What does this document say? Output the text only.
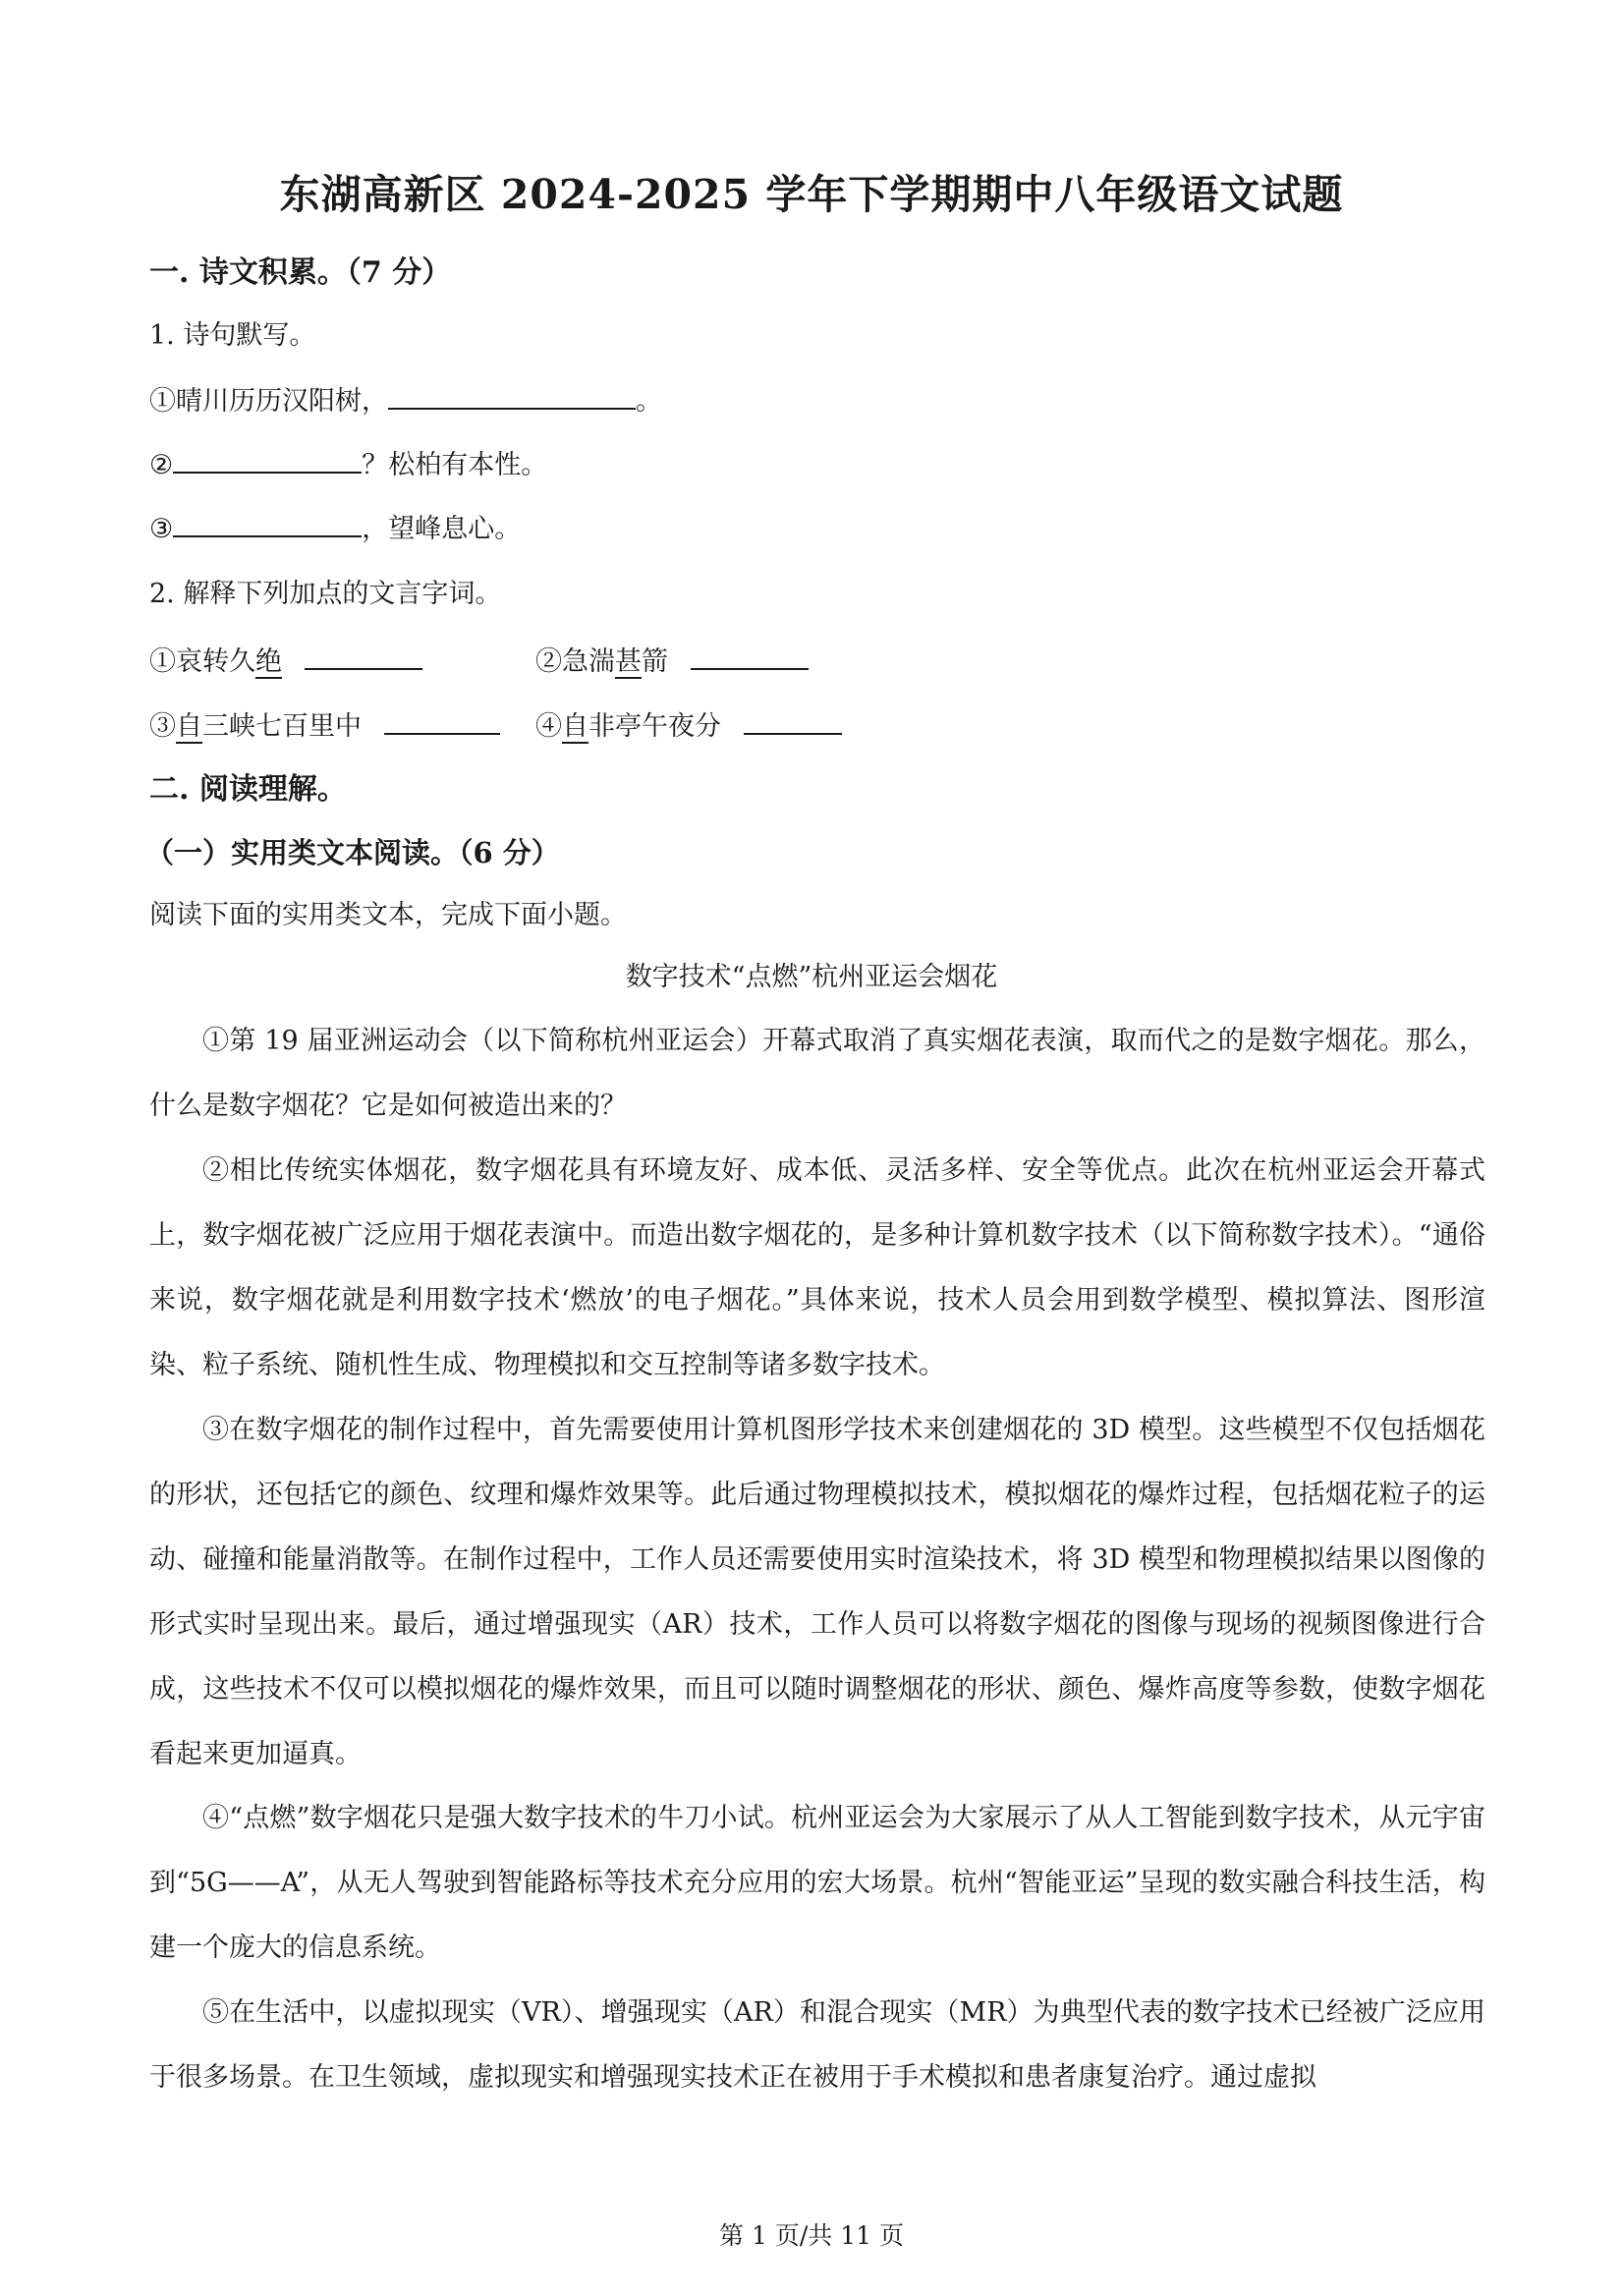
东湖高新区 2024-2025 学年下学期期中八年级语文试题
一. 诗文积累。（7 分）
1. 诗句默写。
①晴川历历汉阳树，	。
②	？松柏有本性。
③	，望峰息心。
2. 解释下列加点的文言字词。
①哀转久绝	②急湍甚箭
③自三峡七百里中	④自非亭午夜分
二. 阅读理解。
（一）实用类文本阅读。（6 分）
阅读下面的实用类文本，完成下面小题。
数字技术“点燃”杭州亚运会烟花
①第 19 届亚洲运动会（以下简称杭州亚运会）开幕式取消了真实烟花表演，取而代之的是数字烟花。那么，什么是数字烟花？它是如何被造出来的？
②相比传统实体烟花，数字烟花具有环境友好、成本低、灵活多样、安全等优点。此次在杭州亚运会开幕式上，数字烟花被广泛应用于烟花表演中。而造出数字烟花的，是多种计算机数字技术（以下简称数字技术）。“通俗来说，数字烟花就是利用数字技术‘燃放’的电子烟花。”具体来说，技术人员会用到数学模型、模拟算法、图形渲染、粒子系统、随机性生成、物理模拟和交互控制等诸多数字技术。
③在数字烟花的制作过程中，首先需要使用计算机图形学技术来创建烟花的 3D 模型。这些模型不仅包括烟花的形状，还包括它的颜色、纹理和爆炸效果等。此后通过物理模拟技术，模拟烟花的爆炸过程，包括烟花粒子的运动、碰撞和能量消散等。在制作过程中，工作人员还需要使用实时渲染技术，将 3D 模型和物理模拟结果以图像的形式实时呈现出来。最后，通过增强现实（AR）技术，工作人员可以将数字烟花的图像与现场的视频图像进行合成，这些技术不仅可以模拟烟花的爆炸效果，而且可以随时调整烟花的形状、颜色、爆炸高度等参数，使数字烟花看起来更加逼真。
④“点燃”数字烟花只是强大数字技术的牛刀小试。杭州亚运会为大家展示了从人工智能到数字技术，从元宇宙到“5G——A”，从无人驾驶到智能路标等技术充分应用的宏大场景。杭州“智能亚运”呈现的数实融合科技生活，构建一个庞大的信息系统。
⑤在生活中，以虚拟现实（VR）、增强现实（AR）和混合现实（MR）为典型代表的数字技术已经被广泛应用于很多场景。在卫生领域，虚拟现实和增强现实技术正在被用于手术模拟和患者康复治疗。通过虚拟
第 1 页/共 11 页
